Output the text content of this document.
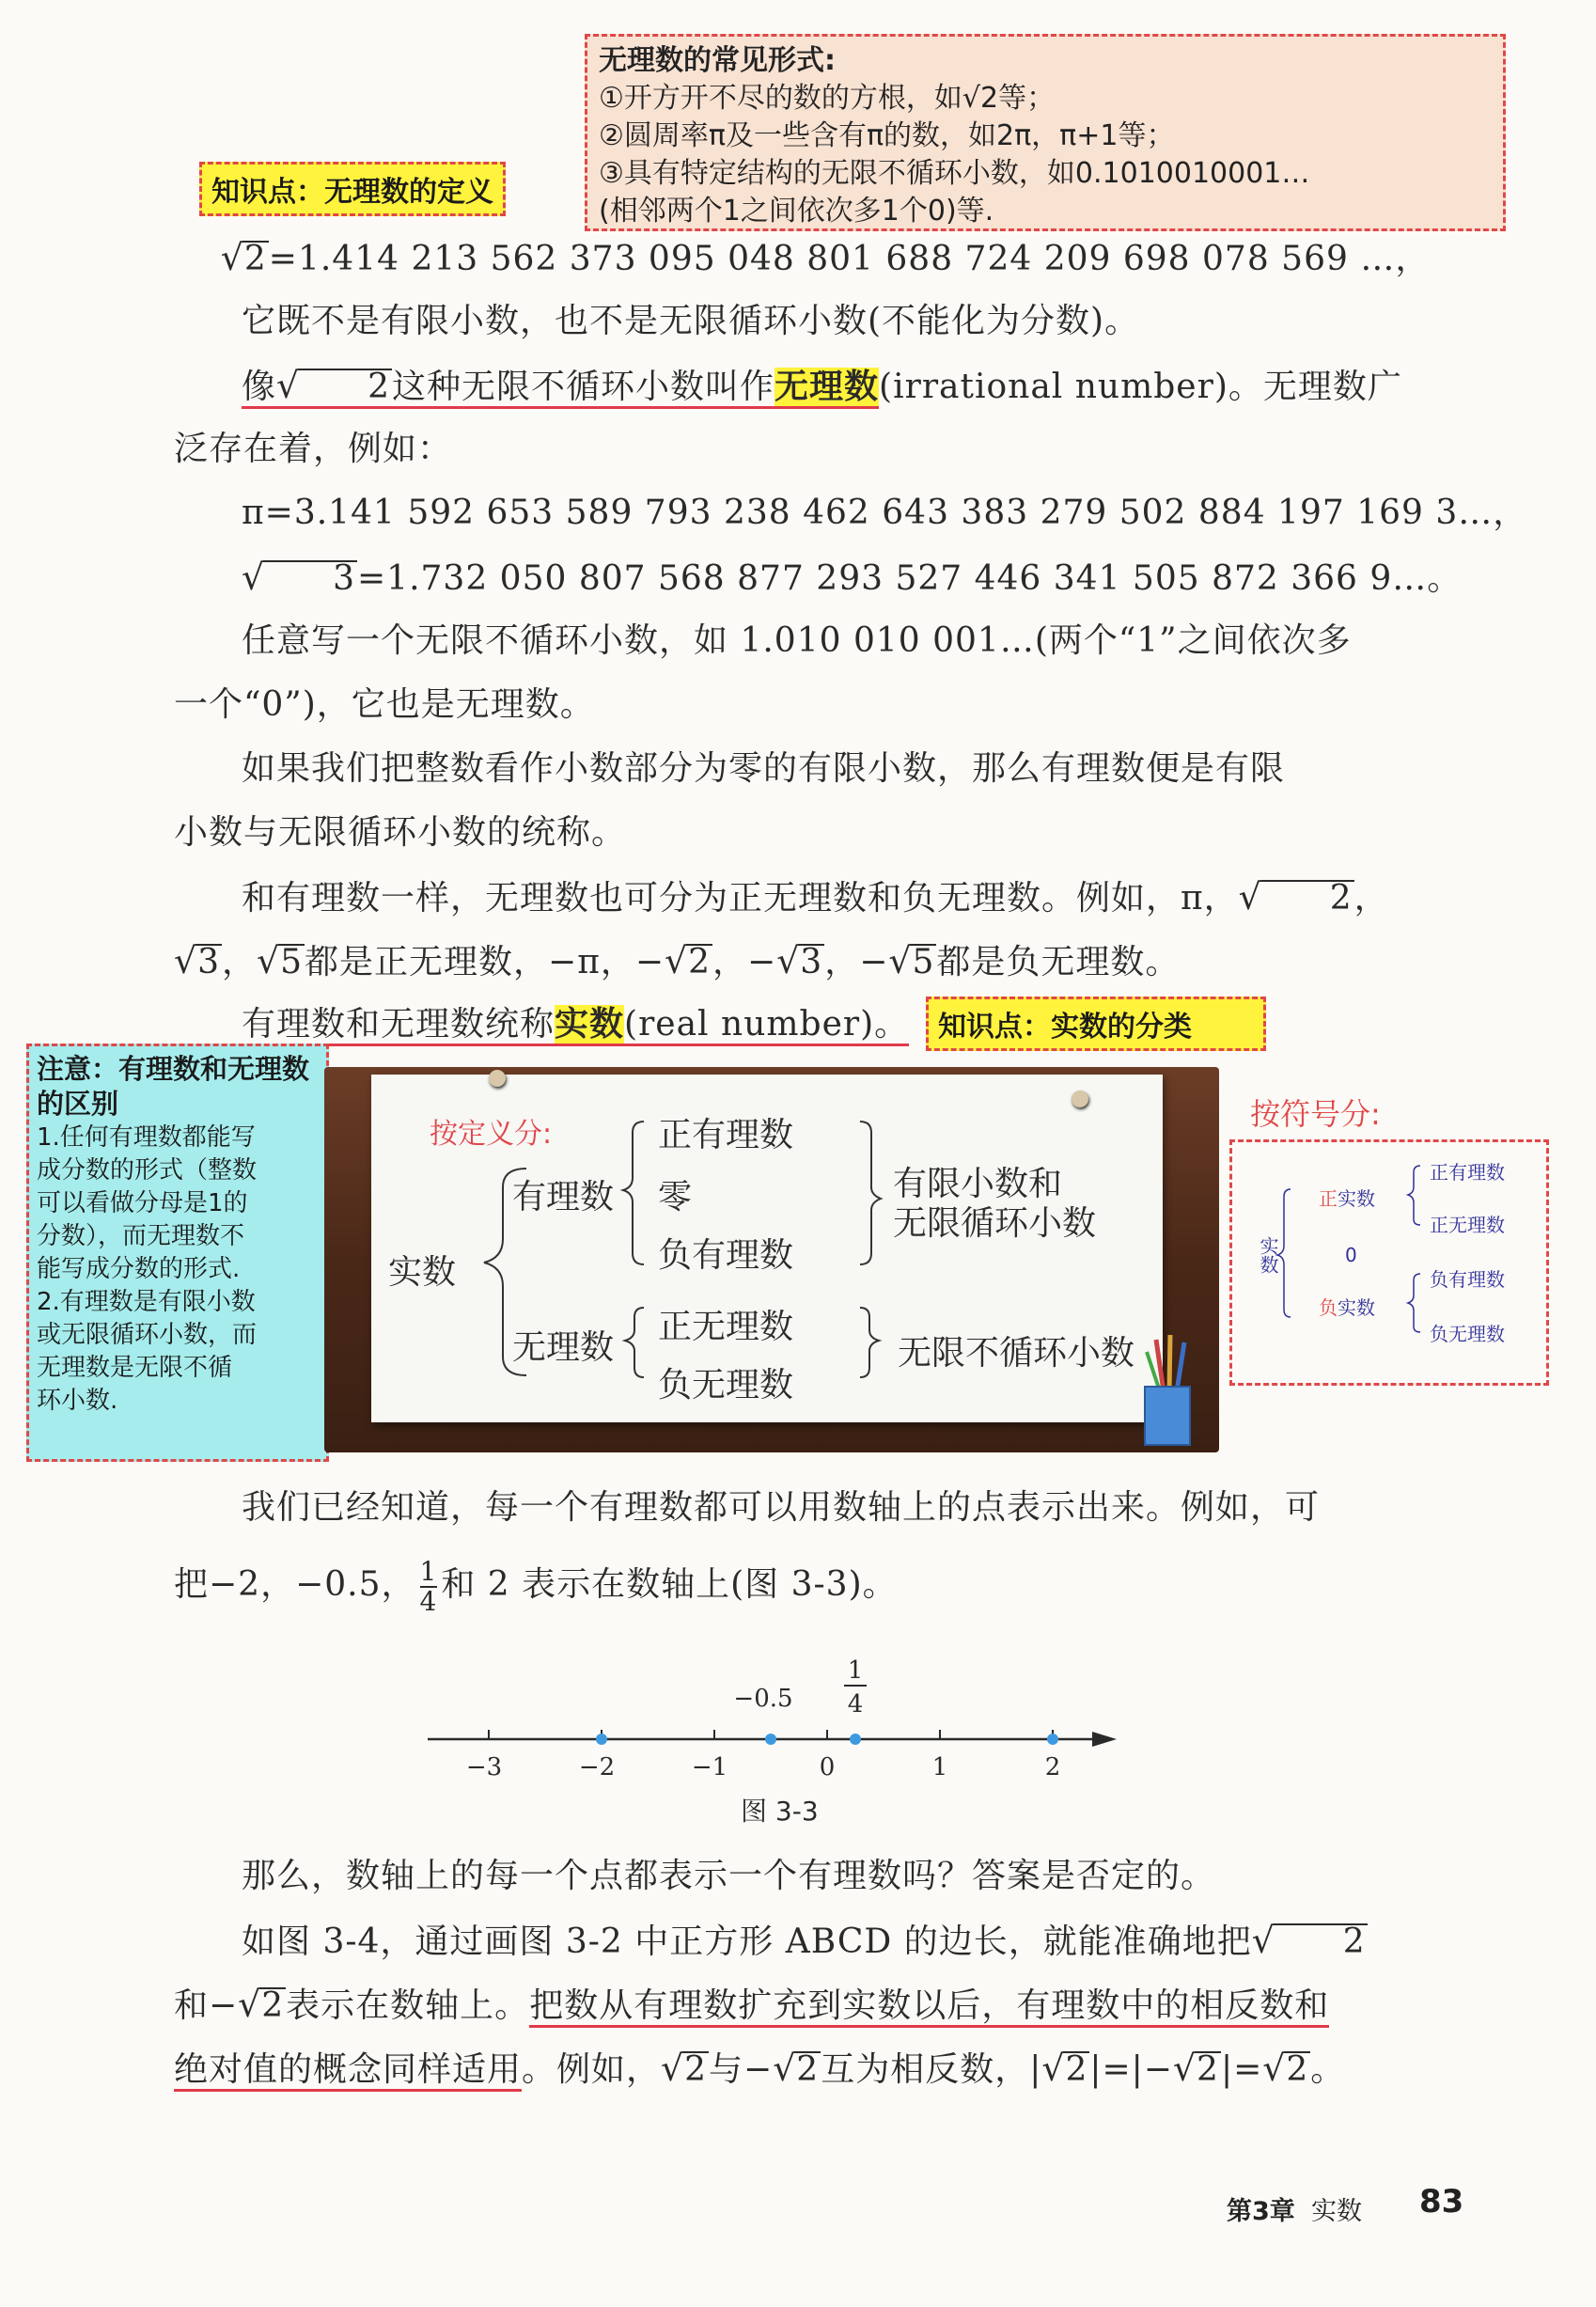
无理数的常见形式:
①开方开不尽的数的方根，如√2等；
②圆周率π及一些含有π的数，如2π，π+1等；
③具有特定结构的无限不循环小数，如0.1010010001…
(相邻两个1之间依次多1个0)等.
知识点：无理数的定义
√2=1.414 213 562 373 095 048 801 688 724 209 698 078 569 …，
它既不是有限小数，也不是无限循环小数(不能化为分数)。
像√ 2这种无限不循环小数叫作无理数(irrational number)。无理数广
泛存在着，例如：
π=3.141 592 653 589 793 238 462 643 383 279 502 884 197 169 3…，
√ 3=1.732 050 807 568 877 293 527 446 341 505 872 366 9…。
任意写一个无限不循环小数，如 1.010 010 001…(两个“1”之间依次多
一个“0”)，它也是无理数。
如果我们把整数看作小数部分为零的有限小数，那么有理数便是有限
小数与无限循环小数的统称。
和有理数一样，无理数也可分为正无理数和负无理数。例如，π，√ 2，
√3，√5都是正无理数，−π，−√2，−√3，−√5都是负无理数。
有理数和无理数统称实数(real number)。	知识点：实数的分类
注意：有理数和无理数的区别
1.任何有理数都能写
成分数的形式（整数
可以看做分母是1的
分数），而无理数不
能写成分数的形式.
2.有理数是有限小数
或无限循环小数，而
无理数是无限不循
环小数.
按定义分:
实数
有理数
正有理数
零
负有理数
有限小数和
无限循环小数
无理数
正无理数
负无理数
无限不循环小数
按符号分:
实数
正实数
0
负实数
正有理数
正无理数
负有理数
负无理数
我们已经知道，每一个有理数都可以用数轴上的点表示出来。例如，可
把−2，−0.5， $\frac{1}{4}$ 和 2 表示在数轴上(图 3-3)。
−3	−2	−1	0	1	2
−0.5
1
4
图 3-3
那么，数轴上的每一个点都表示一个有理数吗？答案是否定的。
如图 3-4，通过画图 3-2 中正方形 ABCD 的边长，就能准确地把√ 2
和−√2表示在数轴上。把数从有理数扩充到实数以后，有理数中的相反数和
绝对值的概念同样适用。例如，√2与−√2互为相反数，|√2|=|−√2|=√2。
第3章 实数 83
